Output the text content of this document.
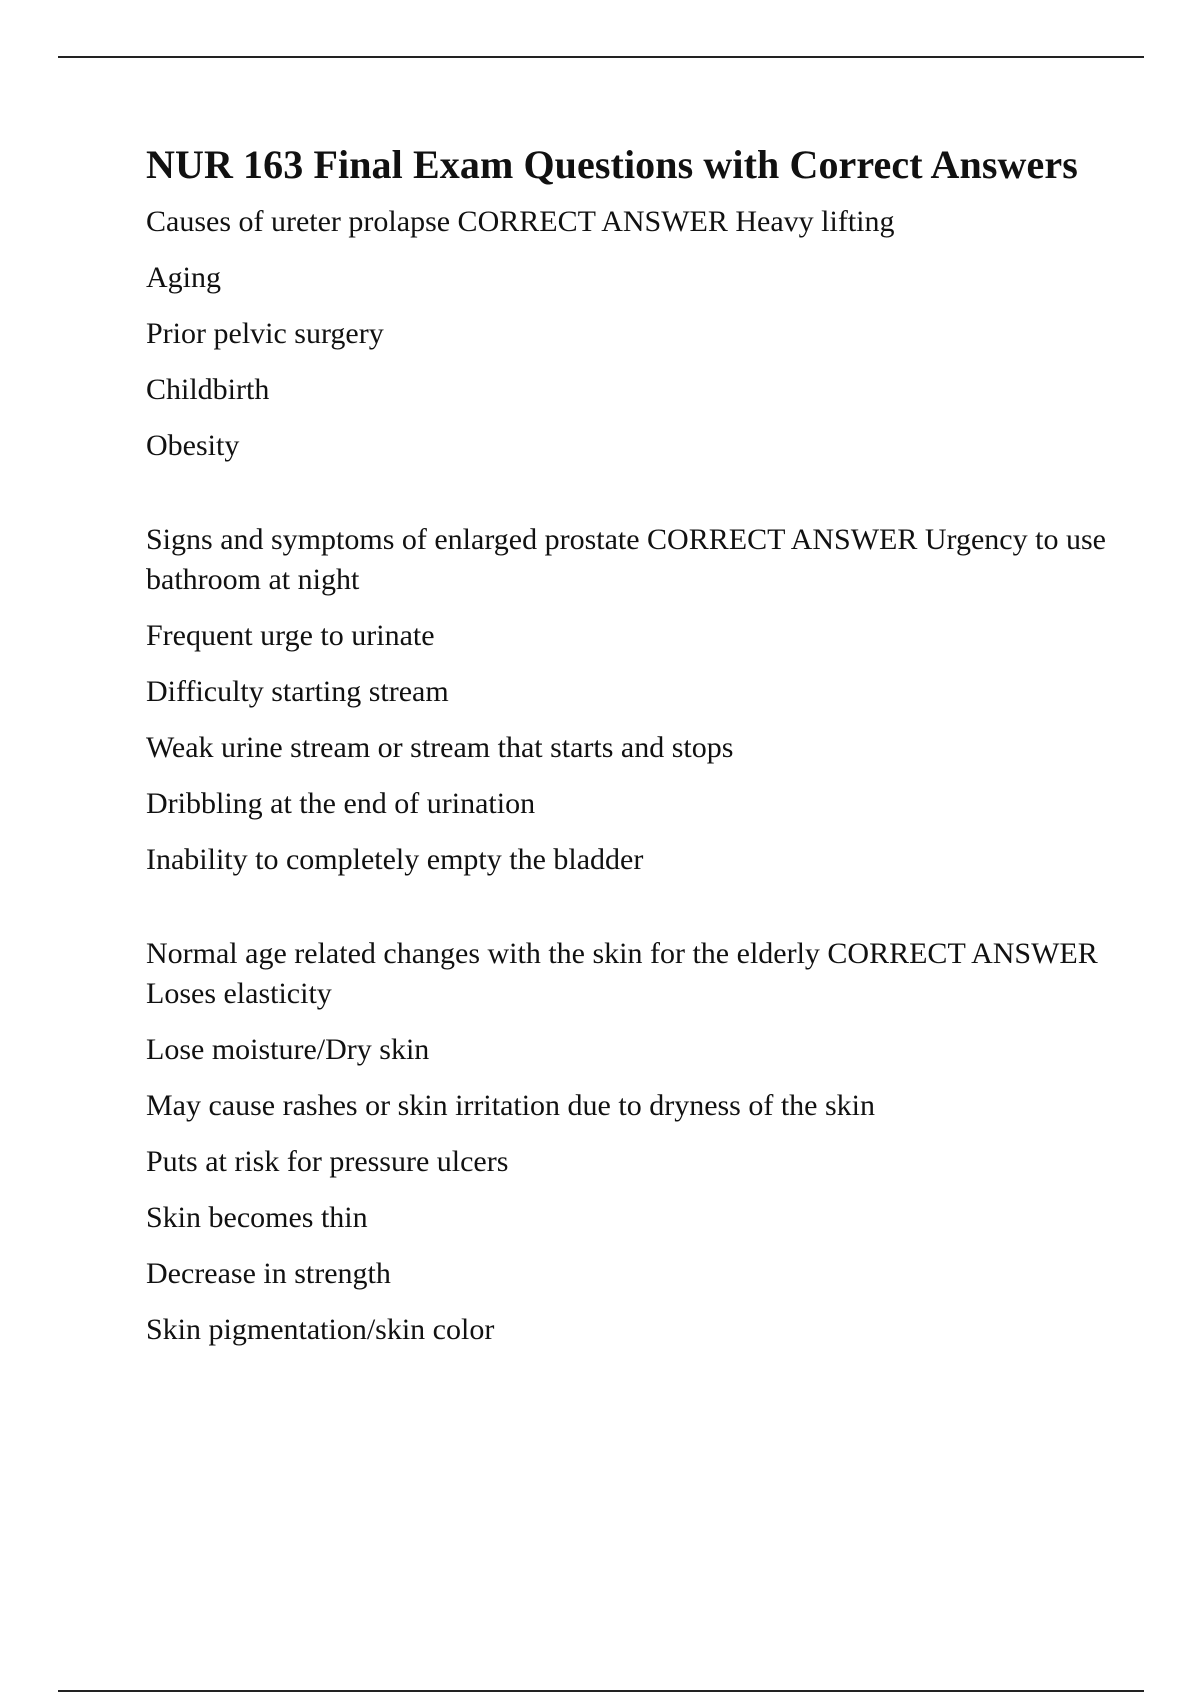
NUR 163 Final Exam Questions with Correct Answers

Causes of ureter prolapse CORRECT ANSWER Heavy lifting

Aging

Prior pelvic surgery

Childbirth

Obesity

Signs and symptoms of enlarged prostate CORRECT ANSWER Urgency to use bathroom at night

Frequent urge to urinate

Difficulty starting stream

Weak urine stream or stream that starts and stops

Dribbling at the end of urination

Inability to completely empty the bladder

Normal age related changes with the skin for the elderly CORRECT ANSWER Loses elasticity

Lose moisture/Dry skin

May cause rashes or skin irritation due to dryness of the skin

Puts at risk for pressure ulcers

Skin becomes thin

Decrease in strength

Skin pigmentation/skin color
